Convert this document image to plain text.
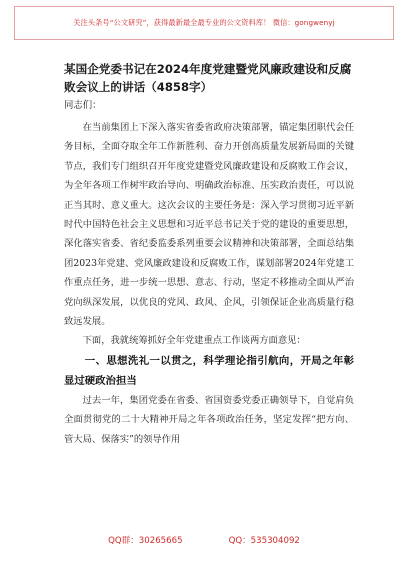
关注头条号“公文研究”，获得最新最全最专业的公文资料库！ 微信：gongwenyj
某国企党委书记在2024年度党建暨党风廉政建设和反腐败会议上的讲话（4858字）
同志们：

在当前集团上下深入落实省委省政府决策部署，锚定集团职代会任务目标，全面夺取全年工作新胜利、奋力开创高质量发展新局面的关键节点，我们专门组织召开年度党建暨党风廉政建设和反腐败工作会议，为全年各项工作树牢政治导向、明确政治标准、压实政治责任，可以说正当其时、意义重大。这次会议的主要任务是：深入学习贯彻习近平新时代中国特色社会主义思想和习近平总书记关于党的建设的重要思想，深化落实省委、省纪委监委系列重要会议精神和决策部署，全面总结集团2023年党建、党风廉政建设和反腐败工作，谋划部署2024年党建工作重点任务，进一步统一思想、意志、行动，坚定不移推动全面从严治党向纵深发展，以优良的党风、政风、企风，引领保证企业高质量行稳致远发展。

下面，我就统筹抓好全年党建重点工作谈两方面意见：

一、思想洗礼一以贯之，科学理论指引航向，开局之年彰显过硬政治担当

过去一年，集团党委在省委、省国资委党委正确领导下，自觉肩负全面贯彻党的二十大精神开局之年各项政治任务，坚定发挥“把方向、管大局、保落实”的领导作用

QQ群：30265665	QQ：535304092
